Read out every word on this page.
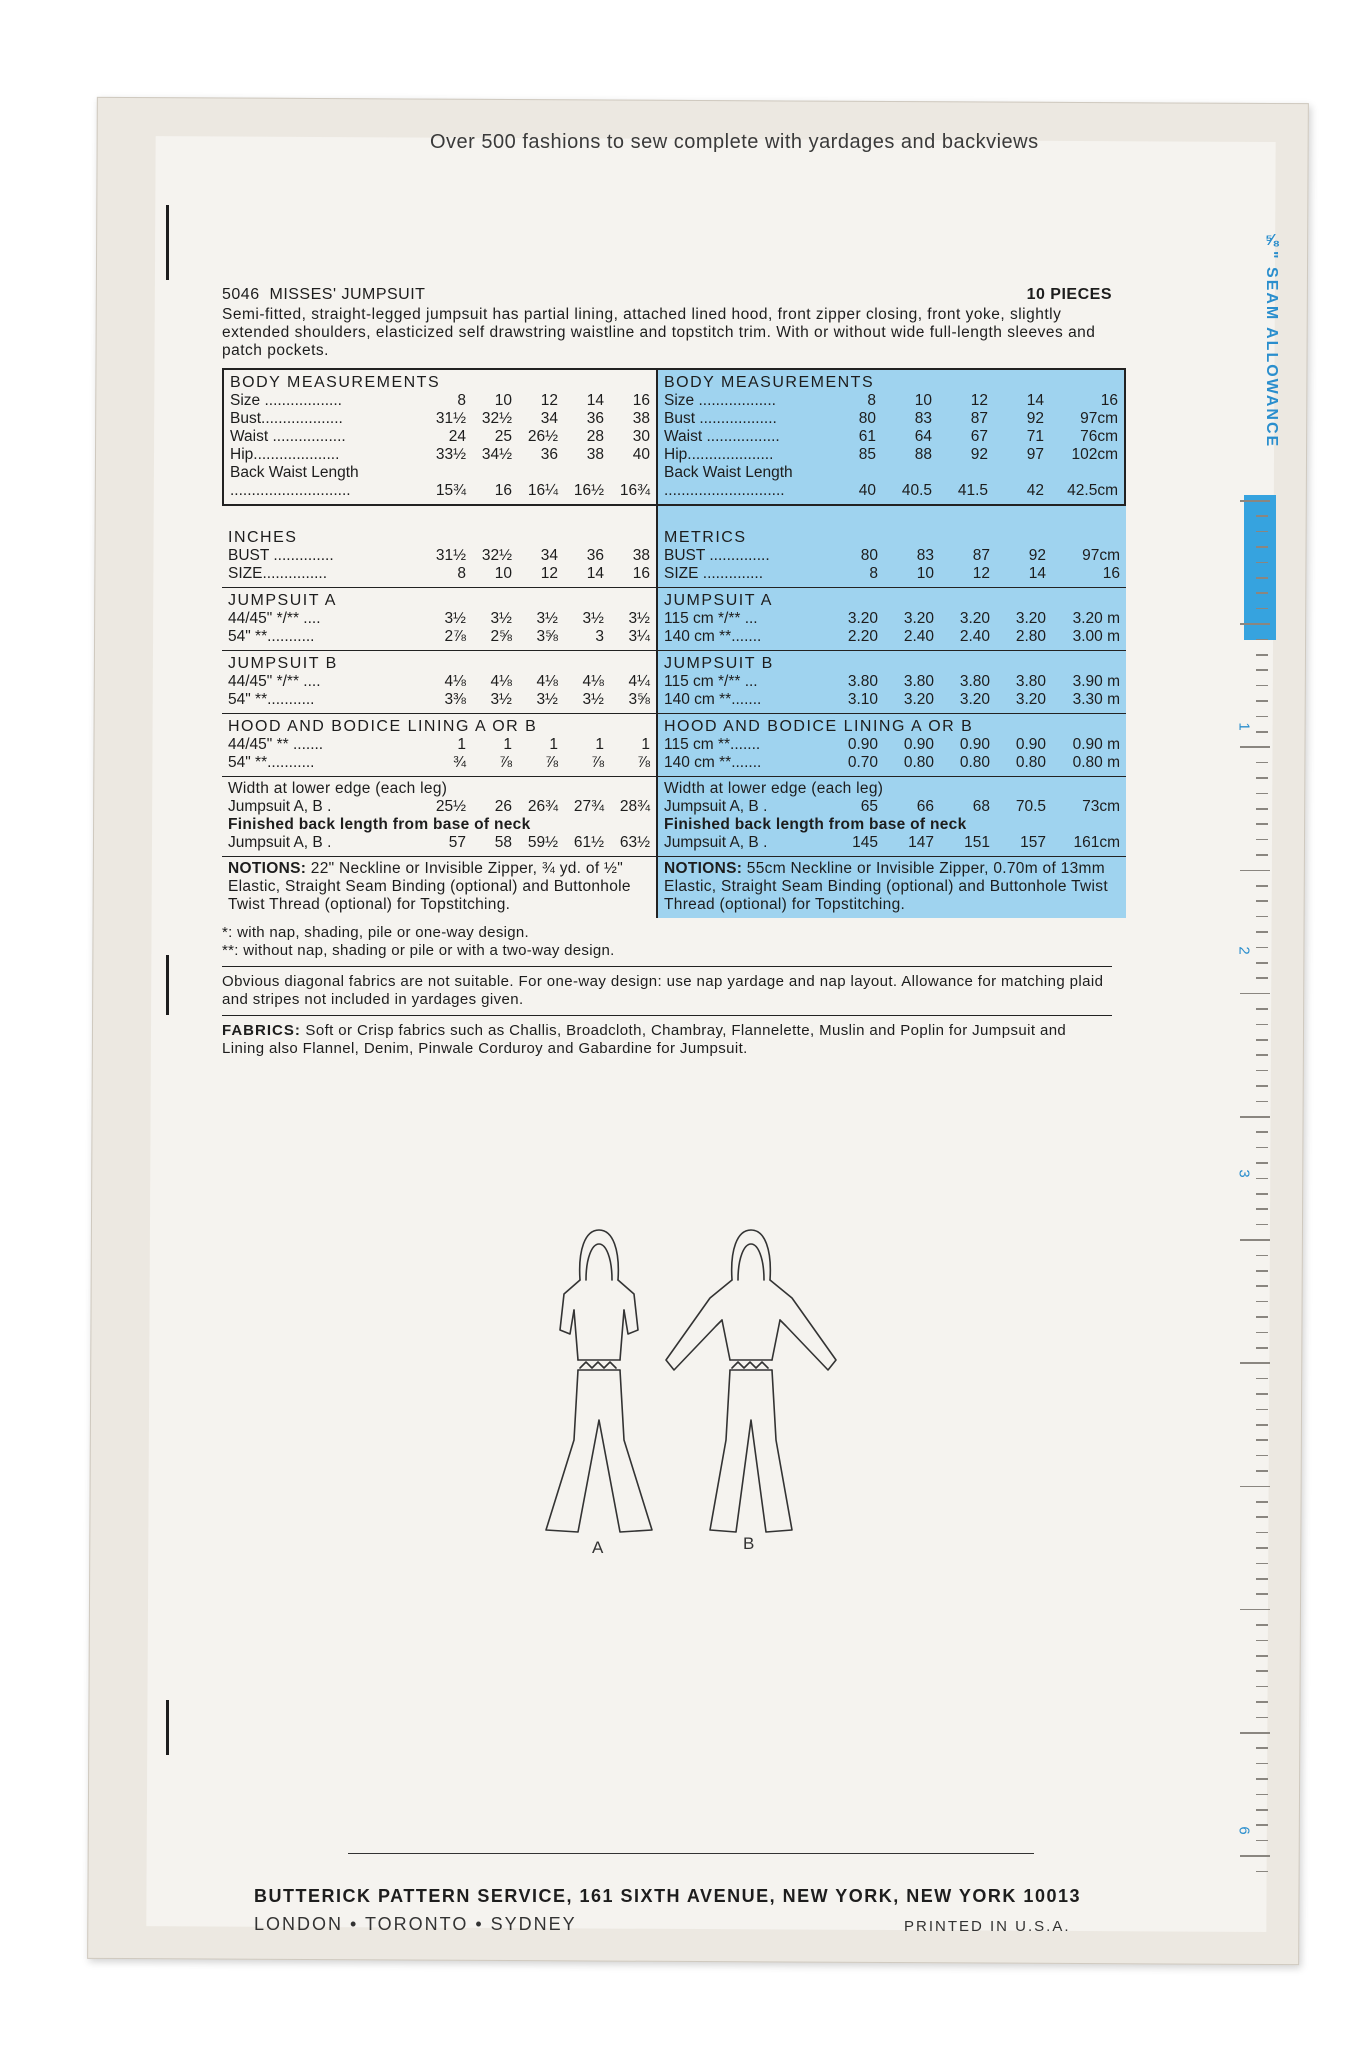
Over 500 fashions to sew complete with yardages and backviews
5046 MISSES' JUMPSUIT	10 PIECES
Semi-fitted, straight-legged jumpsuit has partial lining, attached lined hood, front zipper closing, front yoke, slightly extended shoulders, elasticized self drawstring waistline and topstitch trim. With or without wide full-length sleeves and patch pockets.
BODY MEASUREMENTS
Size ..................	8	10	12	14	16
Bust...................	31½	32½	34	36	38
Waist .................	24	25	26½	28	30
Hip....................	33½	34½	36	38	40
Back Waist Length
............................	15¾	16	16¼	16½	16¾
BODY MEASUREMENTS
Size ..................	8	10	12	14	16
Bust ..................	80	83	87	92	97cm
Waist .................	61	64	67	71	76cm
Hip....................	85	88	92	97	102cm
Back Waist Length
............................	40	40.5	41.5	42	42.5cm
INCHES
BUST ..............	31½	32½	34	36	38
SIZE...............	8	10	12	14	16
METRICS
BUST ..............	80	83	87	92	97cm
SIZE ..............	8	10	12	14	16
JUMPSUIT A
44/45" */** ....	3½	3½	3½	3½	3½
54" **...........	2⅞	2⅝	3⅝	3	3¼
JUMPSUIT A
115 cm */** ...	3.20	3.20	3.20	3.20	3.20 m
140 cm **.......	2.20	2.40	2.40	2.80	3.00 m
JUMPSUIT B
44/45" */** ....	4⅛	4⅛	4⅛	4⅛	4¼
54" **...........	3⅜	3½	3½	3½	3⅝
JUMPSUIT B
115 cm */** ...	3.80	3.80	3.80	3.80	3.90 m
140 cm **.......	3.10	3.20	3.20	3.20	3.30 m
HOOD AND BODICE LINING A OR B
44/45" ** .......	1	1	1	1	1
54" **...........	¾	⅞	⅞	⅞	⅞
HOOD AND BODICE LINING A OR B
115 cm **.......	0.90	0.90	0.90	0.90	0.90 m
140 cm **.......	0.70	0.80	0.80	0.80	0.80 m
Width at lower edge (each leg)
Jumpsuit A, B .	25½	26	26¾	27¾	28¾
Finished back length from base of neck
Jumpsuit A, B .	57	58	59½	61½	63½
Width at lower edge (each leg)
Jumpsuit A, B .	65	66	68	70.5	73cm
Finished back length from base of neck
Jumpsuit A, B .	145	147	151	157	161cm
NOTIONS: 22" Neckline or Invisible Zipper, ¾ yd. of ½" Elastic, Straight Seam Binding (optional) and Buttonhole Twist Thread (optional) for Topstitching.
NOTIONS: 55cm Neckline or Invisible Zipper, 0.70m of 13mm Elastic, Straight Seam Binding (optional) and Buttonhole Twist Thread (optional) for Topstitching.
*: with nap, shading, pile or one-way design.
**: without nap, shading or pile or with a two-way design.
Obvious diagonal fabrics are not suitable. For one-way design: use nap yardage and nap layout. Allowance for matching plaid and stripes not included in yardages given.
FABRICS: Soft or Crisp fabrics such as Challis, Broadcloth, Chambray, Flannelette, Muslin and Poplin for Jumpsuit and Lining also Flannel, Denim, Pinwale Corduroy and Gabardine for Jumpsuit.
A	B
BUTTERICK PATTERN SERVICE, 161 SIXTH AVENUE, NEW YORK, NEW YORK 10013
LONDON • TORONTO • SYDNEY	PRINTED IN U.S.A.
⅝" SEAM ALLOWANCE
1
2
3
6
